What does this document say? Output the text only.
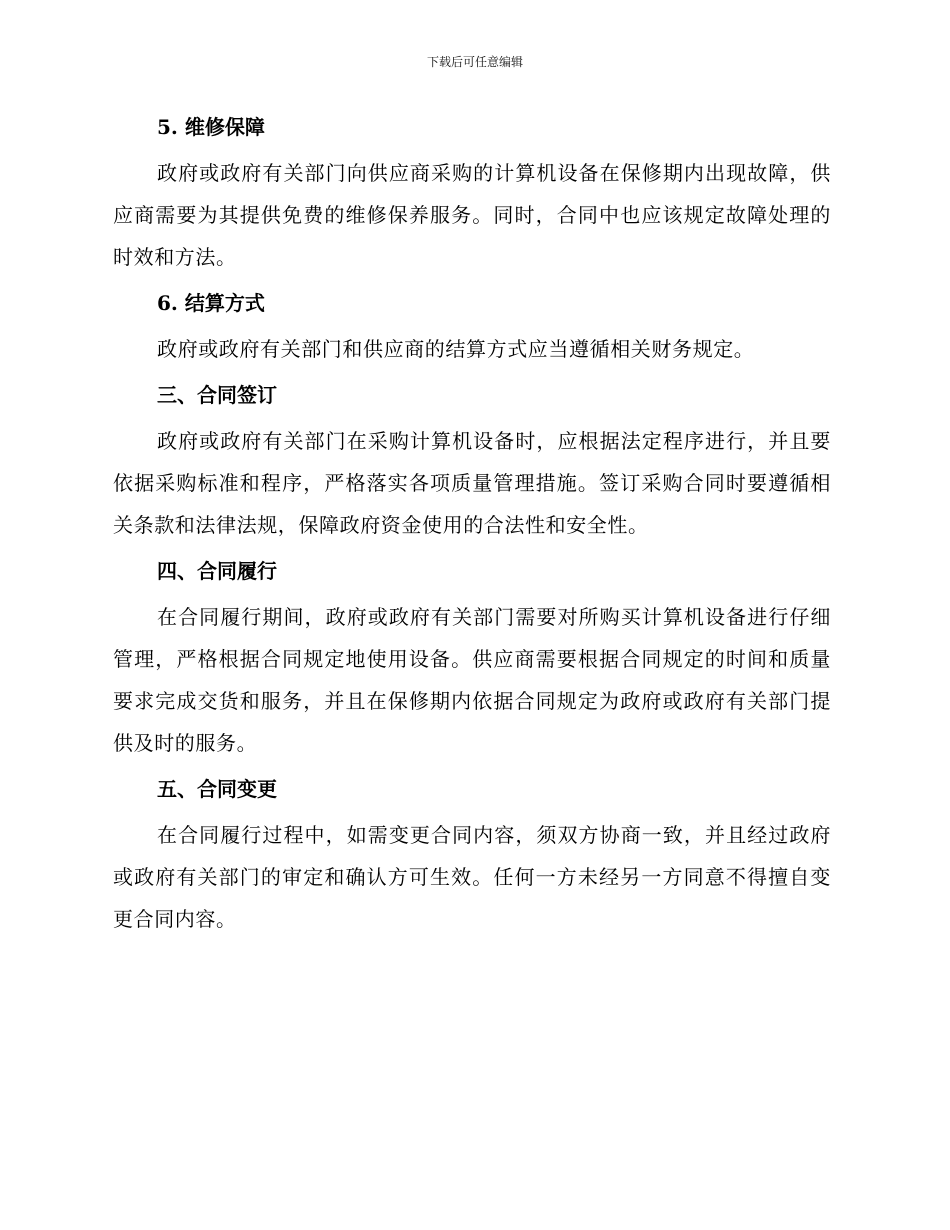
下载后可任意编辑
5. 维修保障
政府或政府有关部门向供应商采购的计算机设备在保修期内出现故障，供应商需要为其提供免费的维修保养服务。同时，合同中也应该规定故障处理的时效和方法。
6. 结算方式
政府或政府有关部门和供应商的结算方式应当遵循相关财务规定。
三、合同签订
政府或政府有关部门在采购计算机设备时，应根据法定程序进行，并且要依据采购标准和程序，严格落实各项质量管理措施。签订采购合同时要遵循相关条款和法律法规，保障政府资金使用的合法性和安全性。
四、合同履行
在合同履行期间，政府或政府有关部门需要对所购买计算机设备进行仔细管理，严格根据合同规定地使用设备。供应商需要根据合同规定的时间和质量要求完成交货和服务，并且在保修期内依据合同规定为政府或政府有关部门提供及时的服务。
五、合同变更
在合同履行过程中，如需变更合同内容，须双方协商一致，并且经过政府或政府有关部门的审定和确认方可生效。任何一方未经另一方同意不得擅自变更合同内容。
